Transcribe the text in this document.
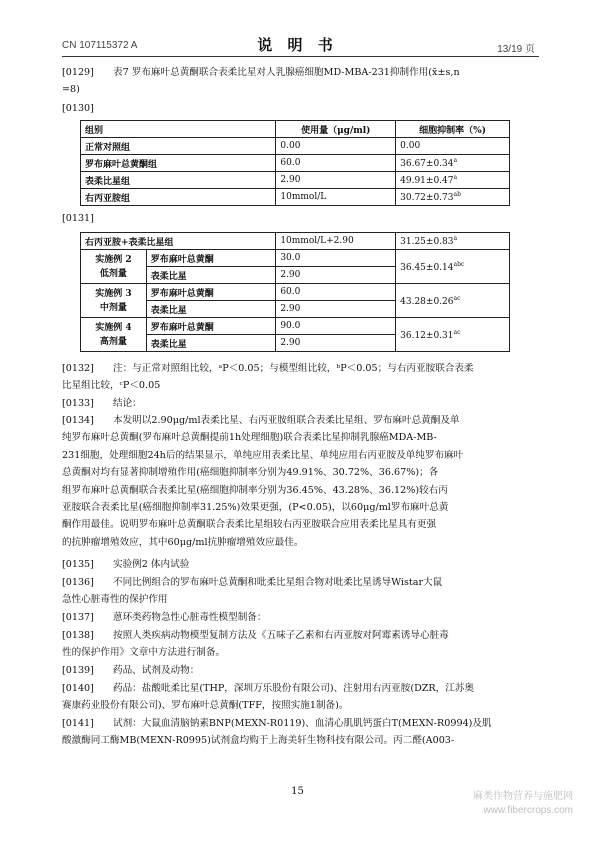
CN 107115372 A	说 明 书	13/19 页
[0129] 表7 罗布麻叶总黄酮联合表柔比星对人乳腺癌细胞MD-MBA-231抑制作用(x̄±s,n
=8)
[0130]
组别	使用量（μg/ml)	细胞抑制率（%)
正常对照组	0.00	0.00
罗布麻叶总黄酮组	60.0	36.67±0.34$^a$
表柔比星组	2.90	49.91±0.47$^a$
右丙亚胺组	10mmol/L	30.72±0.73$^{ab}$
[0131]
右丙亚胺+表柔比星组		10mmol/L+2.90	31.25±0.83$^a$
实施例 2
低剂量	罗布麻叶总黄酮	30.0	36.45±0.14$^{abc}$
	表柔比星	2.90	
实施例 3
中剂量	罗布麻叶总黄酮	60.0	43.28±0.26$^{ac}$
	表柔比星	2.90	
实施例 4
高剂量	罗布麻叶总黄酮	90.0	36.12±0.31$^{ac}$
	表柔比星	2.90	
[0132] 注：与正常对照组比较，ᵃP＜0.05；与模型组比较，ᵇP＜0.05；与右丙亚胺联合表柔
比星组比较，ᶜP＜0.05
[0133] 结论：
[0134] 本发明以2.90μg/ml表柔比星、右丙亚胺组联合表柔比星组、罗布麻叶总黄酮及单
纯罗布麻叶总黄酮(罗布麻叶总黄酮提前1h处理细胞)联合表柔比星抑制乳腺癌MDA-MB-
231细胞，处理细胞24h后的结果显示，单纯应用表柔比星、单纯应用右丙亚胺及单纯罗布麻叶
总黄酮对均有显著抑制增殖作用(癌细胞抑制率分别为49.91%、30.72%、36.67%)；各
组罗布麻叶总黄酮联合表柔比星(癌细胞抑制率分别为36.45%、43.28%、36.12%)较右丙
亚胺联合表柔比星(癌细胞抑制率31.25%)效果更强，(P<0.05)，以60μg/ml罗布麻叶总黄
酮作用最佳。说明罗布麻叶总黄酮联合表柔比星组较右丙亚胺联合应用表柔比星具有更强
的抗肿瘤增殖效应，其中60μg/ml抗肿瘤增殖效应最佳。
[0135] 实验例2 体内试验
[0136] 不同比例组合的罗布麻叶总黄酮和吡柔比星组合物对吡柔比星诱导Wistar大鼠
急性心脏毒性的保护作用
[0137] 蒽环类药物急性心脏毒性模型制备：
[0138] 按照人类疾病动物模型复制方法及《五味子乙素和右丙亚胺对阿霉素诱导心脏毒
性的保护作用》文章中方法进行制备。
[0139] 药品、试剂及动物：
[0140] 药品：盐酸吡柔比星(THP，深圳万乐股份有限公司)、注射用右丙亚胺(DZR，江苏奥
赛康药业股份有限公司)、罗布麻叶总黄酮(TFF，按照实施1制备)。
[0141] 试剂：大鼠血清脑钠素BNP(MEXN-R0119)、血清心肌肌钙蛋白T(MEXN-R0994)及肌
酸激酶同工酶MB(MEXN-R0995)试剂盒均购于上海美轩生物科技有限公司。丙二醛(A003-
15	麻类作物营养与施肥网
www.fibercrops.com
